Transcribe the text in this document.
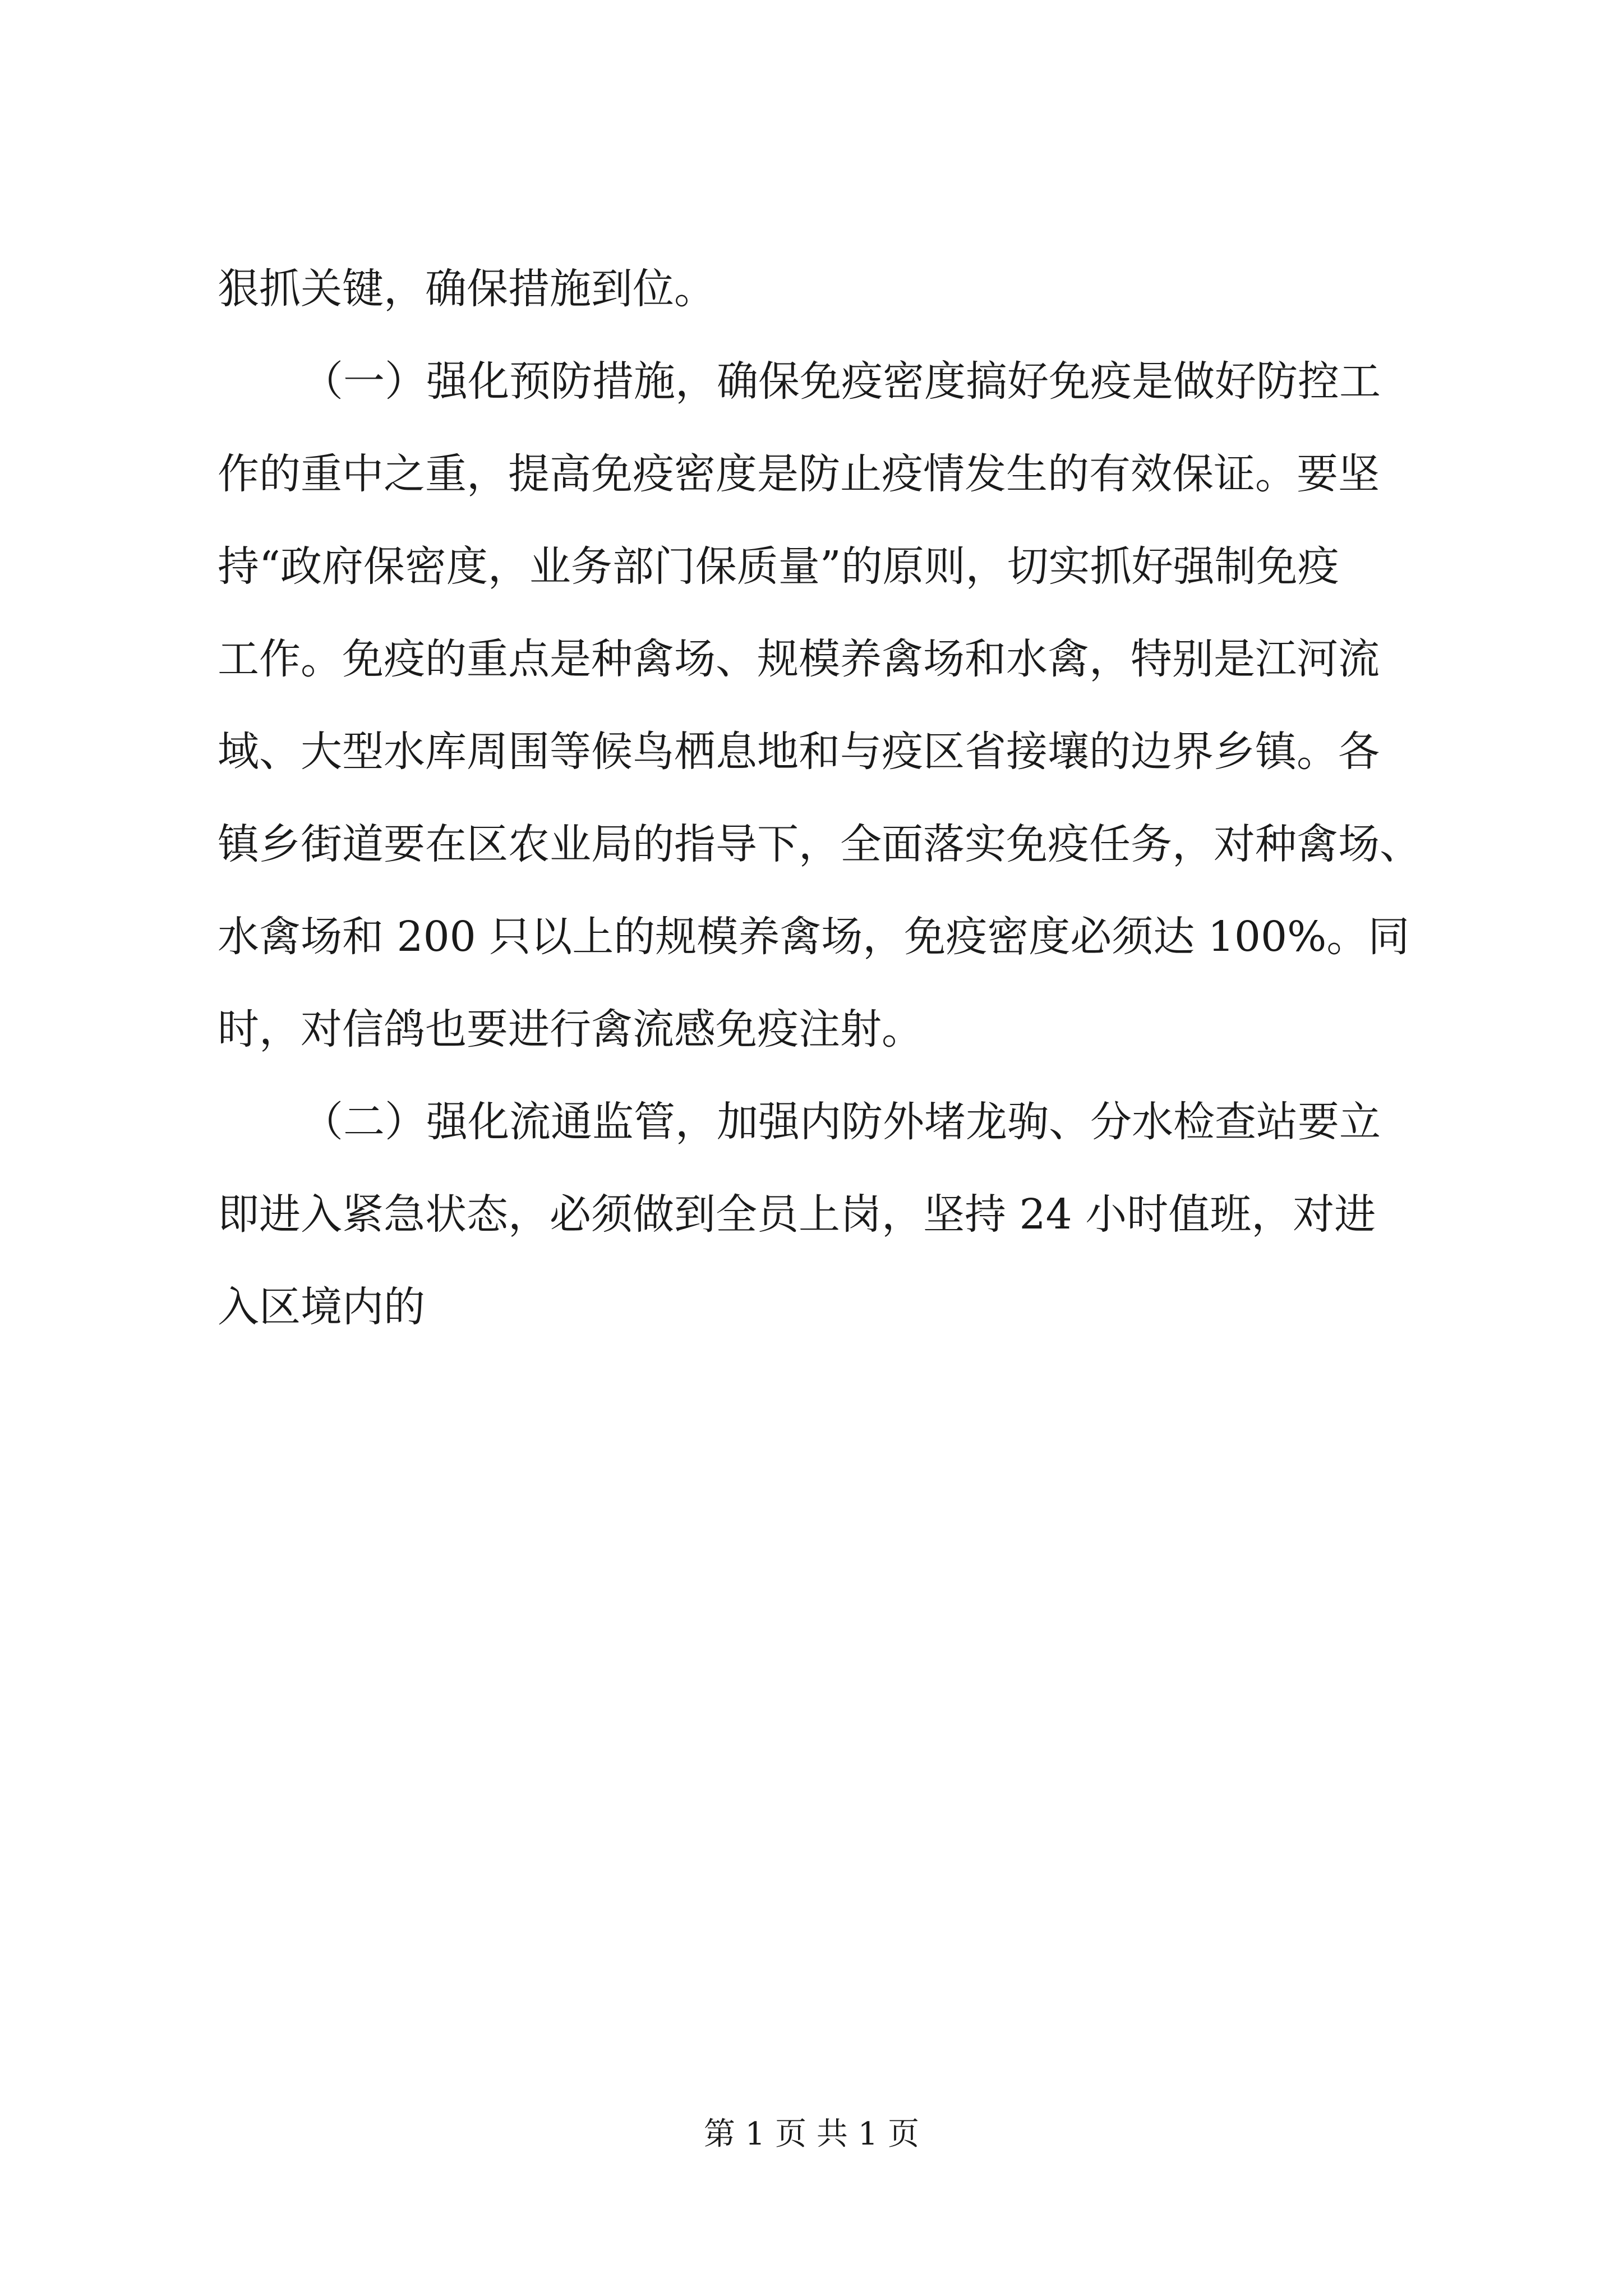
狠抓关键，确保措施到位。
（一）强化预防措施，确保免疫密度搞好免疫是做好防控工
作的重中之重，提高免疫密度是防止疫情发生的有效保证。要坚
持“政府保密度，业务部门保质量”的原则，切实抓好强制免疫
工作。免疫的重点是种禽场、规模养禽场和水禽，特别是江河流
域、大型水库周围等候鸟栖息地和与疫区省接壤的边界乡镇。各
镇乡街道要在区农业局的指导下，全面落实免疫任务，对种禽场、
水禽场和 200 只以上的规模养禽场，免疫密度必须达 100%。同
时，对信鸽也要进行禽流感免疫注射。
（二）强化流通监管，加强内防外堵龙驹、分水检查站要立
即进入紧急状态，必须做到全员上岗，坚持 24 小时值班，对进
入区境内的
第 1 页 共 1 页
